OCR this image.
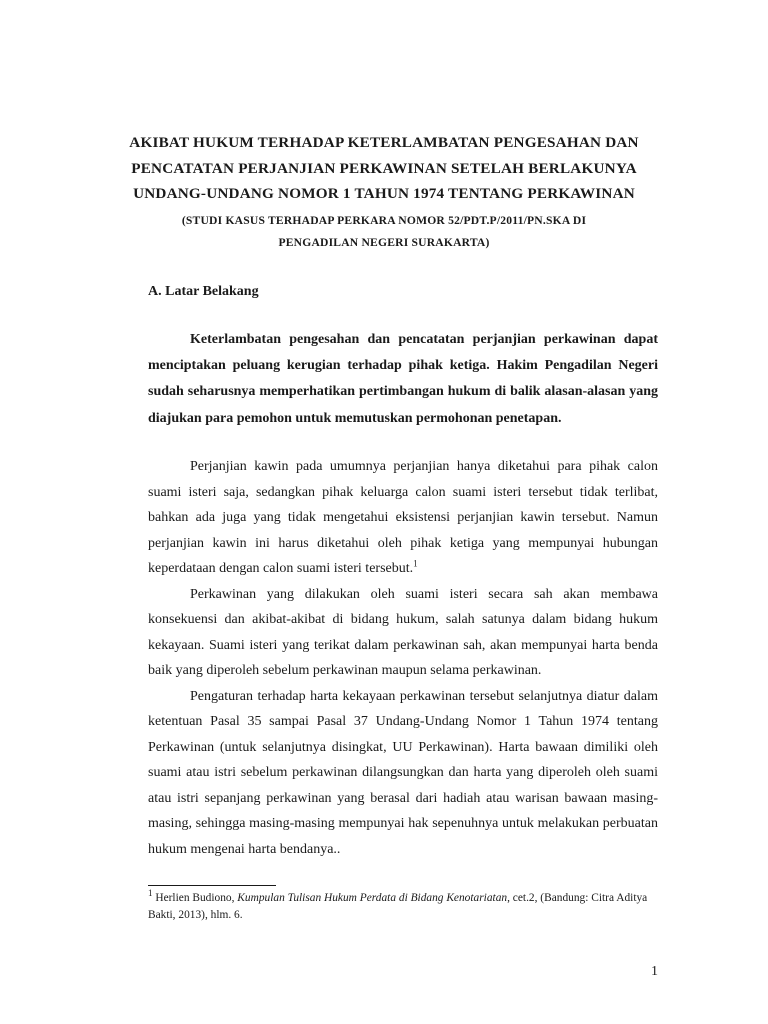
AKIBAT HUKUM TERHADAP KETERLAMBATAN PENGESAHAN DAN
PENCATATAN PERJANJIAN PERKAWINAN SETELAH BERLAKUNYA
UNDANG-UNDANG NOMOR 1 TAHUN 1974 TENTANG PERKAWINAN
(STUDI KASUS TERHADAP PERKARA NOMOR 52/PDT.P/2011/PN.SKA DI
PENGADILAN NEGERI SURAKARTA)
A. Latar Belakang

Keterlambatan pengesahan dan pencatatan perjanjian perkawinan dapat menciptakan peluang kerugian terhadap pihak ketiga. Hakim Pengadilan Negeri sudah seharusnya memperhatikan pertimbangan hukum di balik alasan-alasan yang diajukan para pemohon untuk memutuskan permohonan penetapan.

Perjanjian kawin pada umumnya perjanjian hanya diketahui para pihak calon suami isteri saja, sedangkan pihak keluarga calon suami isteri tersebut tidak terlibat, bahkan ada juga yang tidak mengetahui eksistensi perjanjian kawin tersebut. Namun perjanjian kawin ini harus diketahui oleh pihak ketiga yang mempunyai hubungan keperdataan dengan calon suami isteri tersebut.$^1$

Perkawinan yang dilakukan oleh suami isteri secara sah akan membawa konsekuensi dan akibat-akibat di bidang hukum, salah satunya dalam bidang hukum kekayaan. Suami isteri yang terikat dalam perkawinan sah, akan mempunyai harta benda baik yang diperoleh sebelum perkawinan maupun selama perkawinan.

Pengaturan terhadap harta kekayaan perkawinan tersebut selanjutnya diatur dalam ketentuan Pasal 35 sampai Pasal 37 Undang-Undang Nomor 1 Tahun 1974 tentang Perkawinan (untuk selanjutnya disingkat, UU Perkawinan). Harta bawaan dimiliki oleh suami atau istri sebelum perkawinan dilangsungkan dan harta yang diperoleh oleh suami atau istri sepanjang perkawinan yang berasal dari hadiah atau warisan bawaan masing-masing, sehingga masing-masing mempunyai hak sepenuhnya untuk melakukan perbuatan hukum mengenai harta bendanya..

$^1$ Herlien Budiono, Kumpulan Tulisan Hukum Perdata di Bidang Kenotariatan, cet.2, (Bandung: Citra Aditya Bakti, 2013), hlm. 6.
1
